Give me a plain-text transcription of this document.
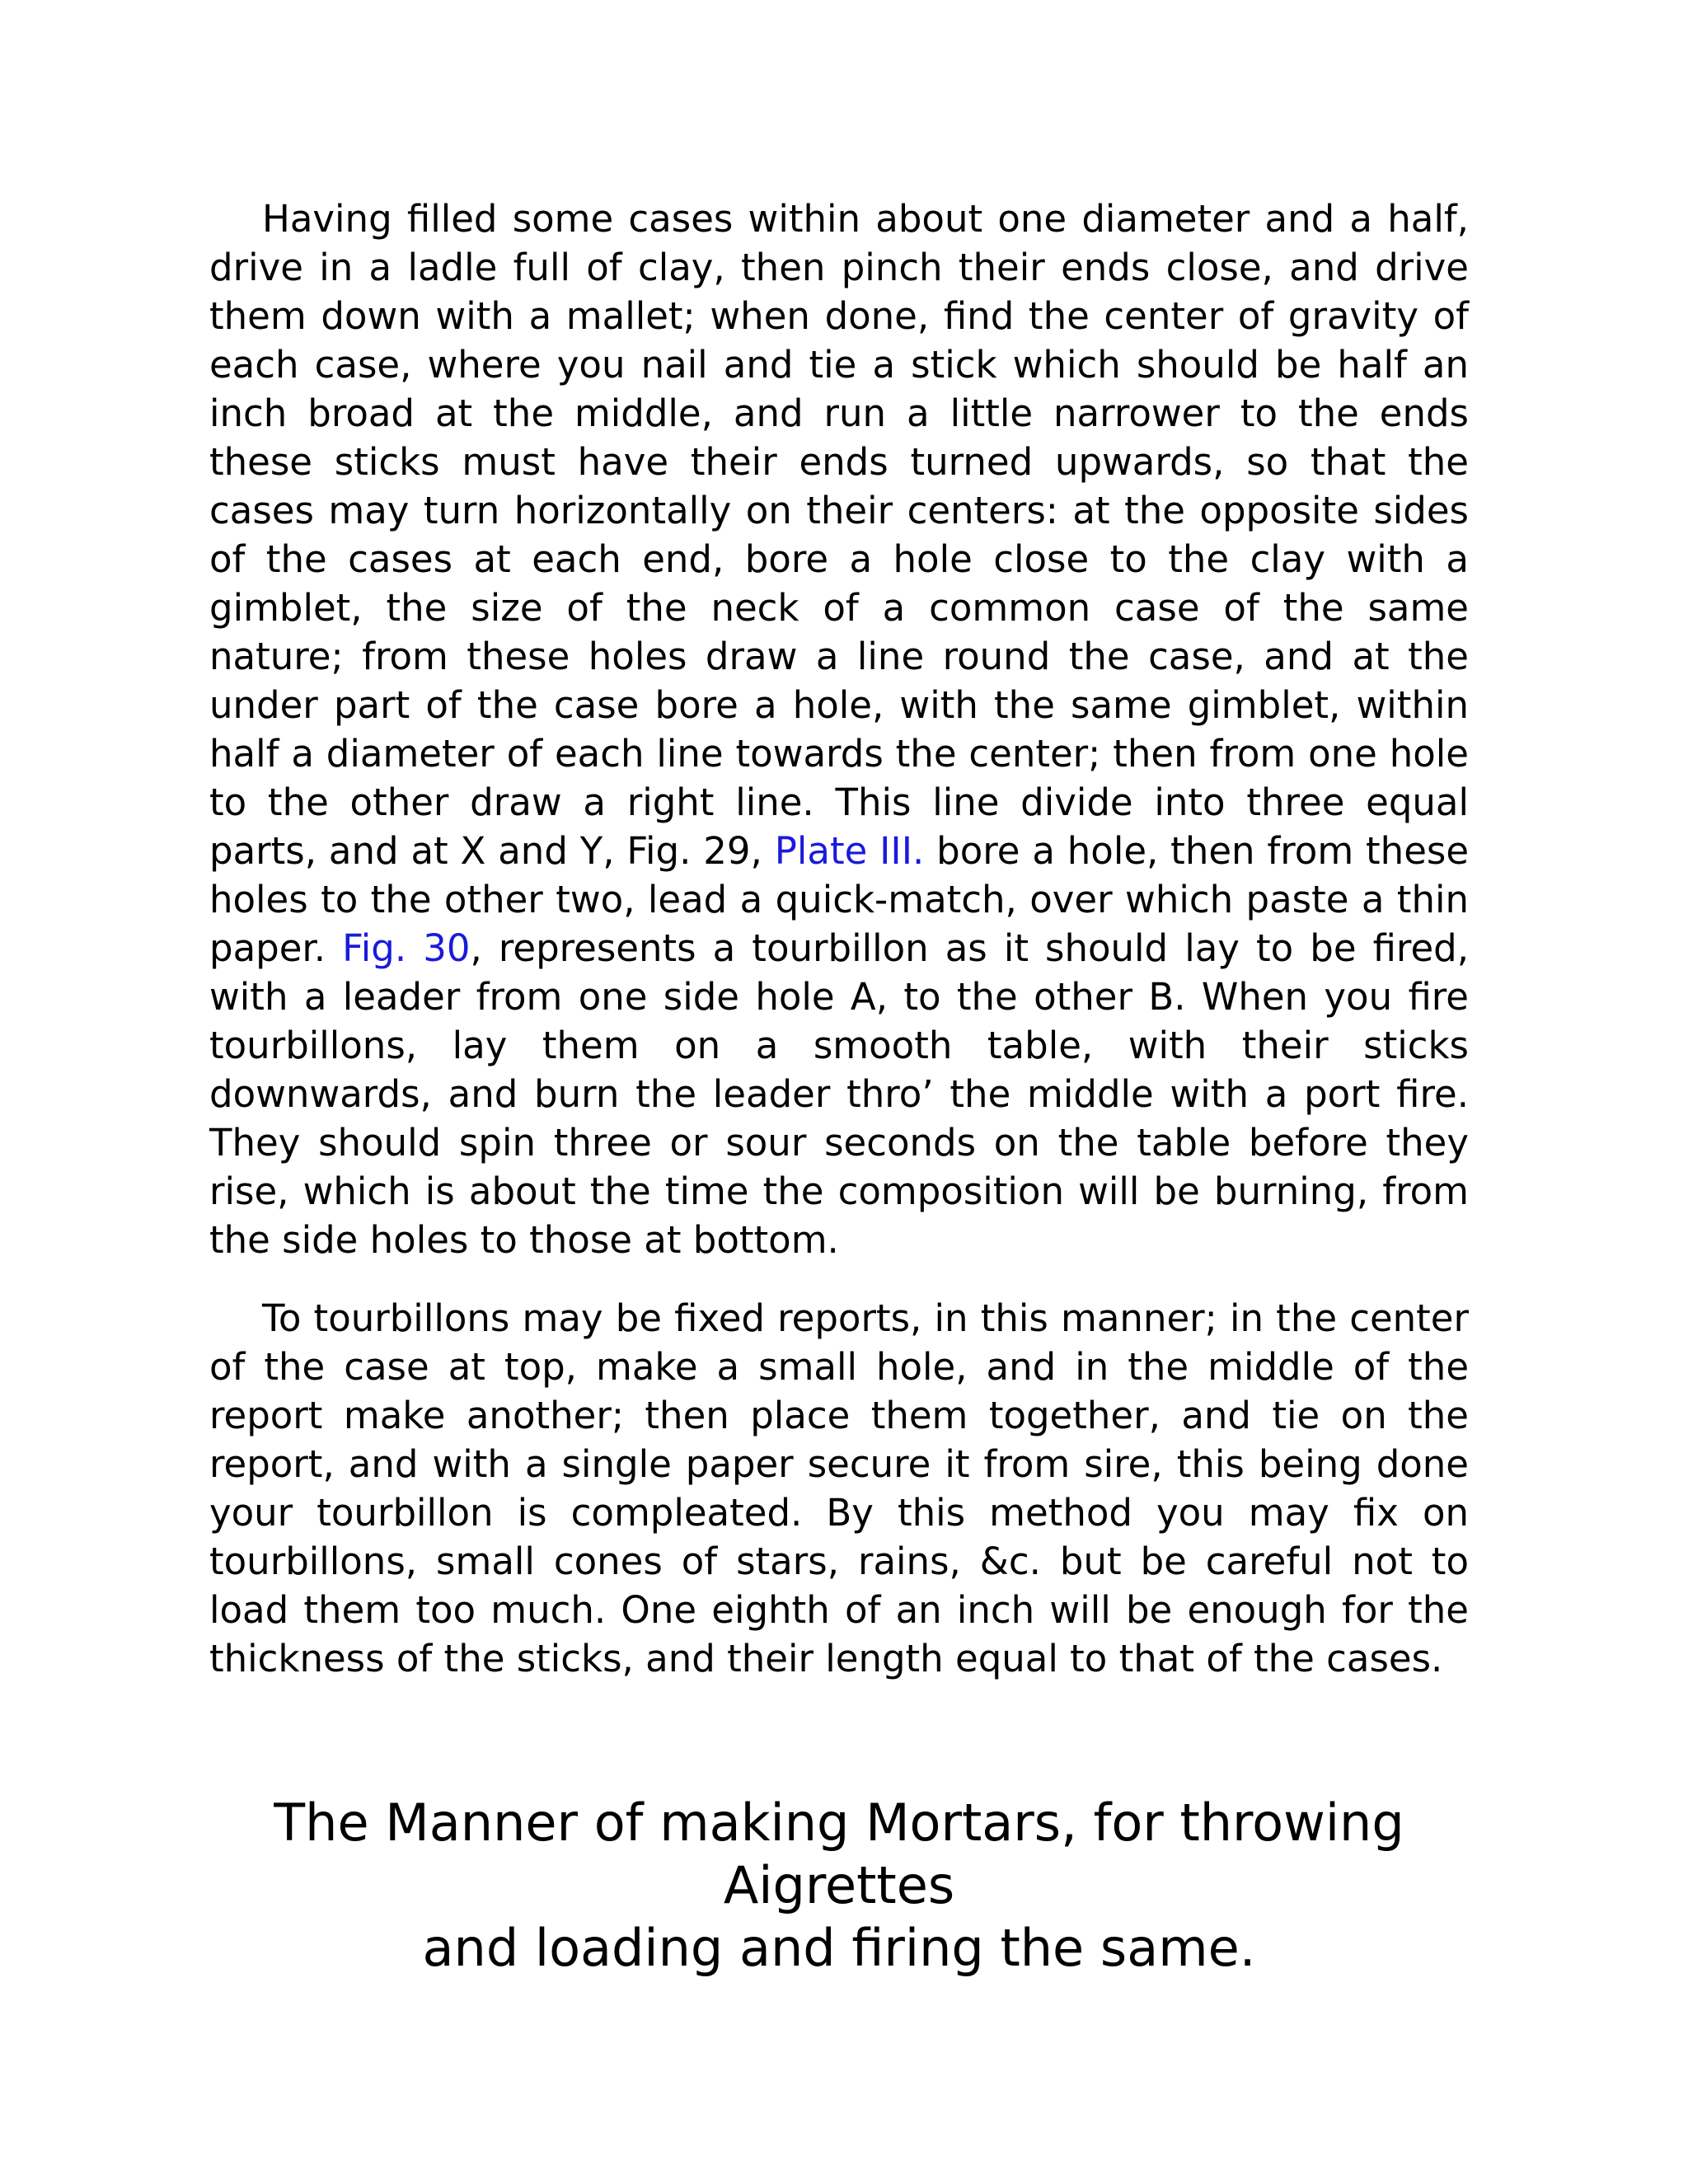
Having filled some cases within about one diameter and a half, drive in a ladle full of clay, then pinch their ends close, and drive them down with a mallet; when done, find the center of gravity of each case, where you nail and tie a stick which should be half an inch broad at the middle, and run a little narrower to the ends these sticks must have their ends turned upwards, so that the cases may turn horizontally on their centers: at the opposite sides of the cases at each end, bore a hole close to the clay with a gimblet, the size of the neck of a common case of the same nature; from these holes draw a line round the case, and at the under part of the case bore a hole, with the same gimblet, within half a diameter of each line towards the center; then from one hole to the other draw a right line. This line divide into three equal parts, and at X and Y, Fig. 29, Plate III. bore a hole, then from these holes to the other two, lead a quick-match, over which paste a thin paper. Fig. 30, represents a tourbillon as it should lay to be fired, with a leader from one side hole A, to the other B. When you fire tourbillons, lay them on a smooth table, with their sticks downwards, and burn the leader thro’ the middle with a port fire. They should spin three or sour seconds on the table before they rise, which is about the time the composition will be burning, from the side holes to those at bottom.

To tourbillons may be fixed reports, in this manner; in the center of the case at top, make a small hole, and in the middle of the report make another; then place them together, and tie on the report, and with a single paper secure it from sire, this being done your tourbillon is compleated. By this method you may fix on tourbillons, small cones of stars, rains, &c. but be careful not to load them too much. One eighth of an inch will be enough for the thickness of the sticks, and their length equal to that of the cases.

The Manner of making Mortars, for throwing Aigrettes
and loading and firing the same.
